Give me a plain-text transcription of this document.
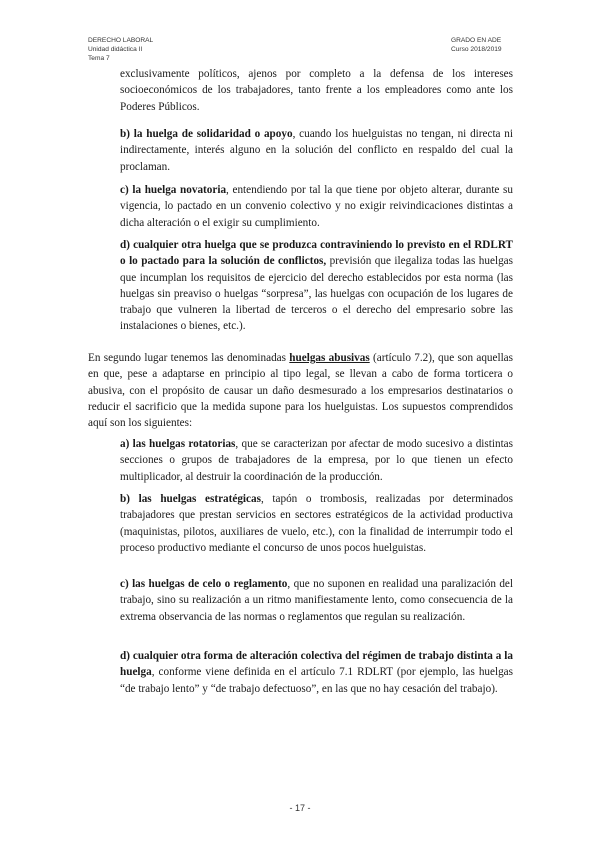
DERECHO LABORAL
Unidad didáctica II
Tema 7
GRADO EN ADE
Curso 2018/2019

exclusivamente políticos, ajenos por completo a la defensa de los intereses socioeconómicos de los trabajadores, tanto frente a los empleadores como ante los Poderes Públicos.

b) la huelga de solidaridad o apoyo, cuando los huelguistas no tengan, ni directa ni indirectamente, interés alguno en la solución del conflicto en respaldo del cual la proclaman.

c) la huelga novatoria, entendiendo por tal la que tiene por objeto alterar, durante su vigencia, lo pactado en un convenio colectivo y no exigir reivindicaciones distintas a dicha alteración o el exigir su cumplimiento.

d) cualquier otra huelga que se produzca contraviniendo lo previsto en el RDLRT o lo pactado para la solución de conflictos, previsión que ilegaliza todas las huelgas que incumplan los requisitos de ejercicio del derecho establecidos por esta norma (las huelgas sin preaviso o huelgas “sorpresa”, las huelgas con ocupación de los lugares de trabajo que vulneren la libertad de terceros o el derecho del empresario sobre las instalaciones o bienes, etc.).

En segundo lugar tenemos las denominadas huelgas abusivas (artículo 7.2), que son aquellas en que, pese a adaptarse en principio al tipo legal, se llevan a cabo de forma torticera o abusiva, con el propósito de causar un daño desmesurado a los empresarios destinatarios o reducir el sacrificio que la medida supone para los huelguistas. Los supuestos comprendidos aquí son los siguientes:

a) las huelgas rotatorias, que se caracterizan por afectar de modo sucesivo a distintas secciones o grupos de trabajadores de la empresa, por lo que tienen un efecto multiplicador, al destruir la coordinación de la producción.

b) las huelgas estratégicas, tapón o trombosis, realizadas por determinados trabajadores que prestan servicios en sectores estratégicos de la actividad productiva (maquinistas, pilotos, auxiliares de vuelo, etc.), con la finalidad de interrumpir todo el proceso productivo mediante el concurso de unos pocos huelguistas.

c) las huelgas de celo o reglamento, que no suponen en realidad una paralización del trabajo, sino su realización a un ritmo manifiestamente lento, como consecuencia de la extrema observancia de las normas o reglamentos que regulan su realización.

d) cualquier otra forma de alteración colectiva del régimen de trabajo distinta a la huelga, conforme viene definida en el artículo 7.1 RDLRT (por ejemplo, las huelgas “de trabajo lento” y “de trabajo defectuoso”, en las que no hay cesación del trabajo).

- 17 -
